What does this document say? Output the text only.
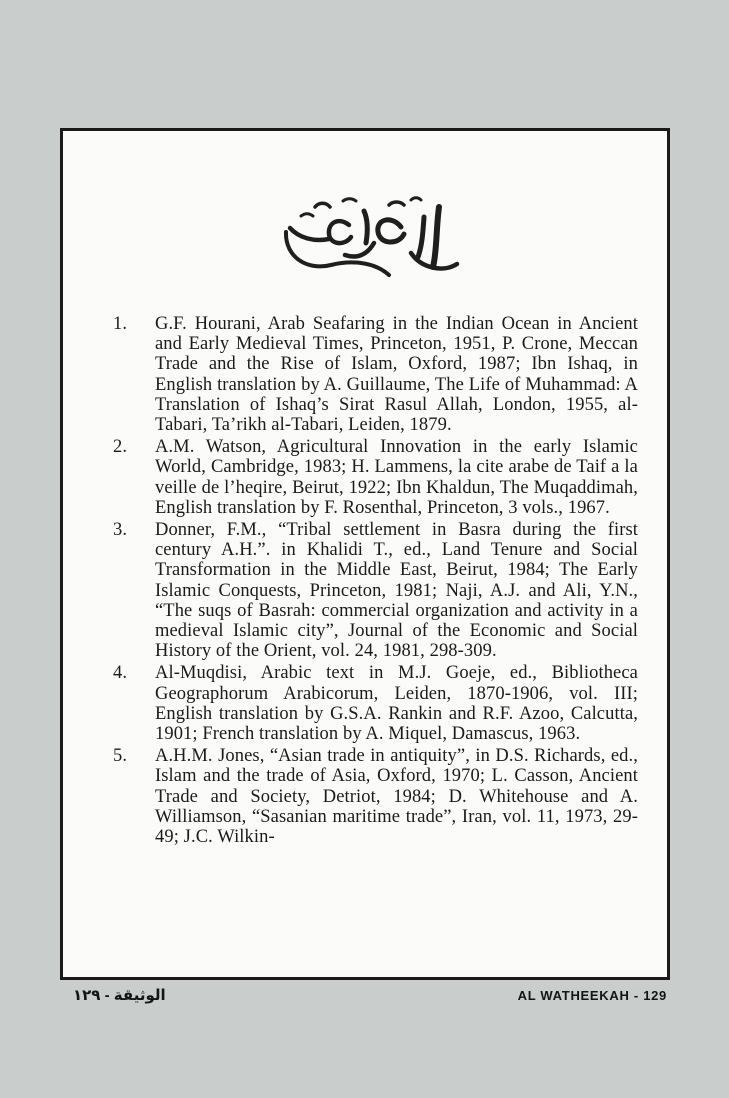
1.	G.F. Hourani, Arab Seafaring in the Indian Ocean in Ancient and Early Medieval Times, Princeton, 1951, P. Crone, Meccan Trade and the Rise of Islam, Oxford, 1987; Ibn Ishaq, in English translation by A. Guillaume, The Life of Muhammad: A Translation of Ishaq’s Sirat Rasul Allah, London, 1955, al-Tabari, Ta’rikh al-Tabari, Leiden, 1879.
2.	A.M. Watson, Agricultural Innovation in the early Islamic World, Cambridge, 1983; H. Lammens, la cite arabe de Taif a la veille de l’heqire, Beirut, 1922; Ibn Khaldun, The Muqaddimah, English translation by F. Rosenthal, Princeton, 3 vols., 1967.
3.	Donner, F.M., “Tribal settlement in Basra during the first century A.H.”. in Khalidi T., ed., Land Tenure and Social Transformation in the Middle East, Beirut, 1984; The Early Islamic Conquests, Princeton, 1981; Naji, A.J. and Ali, Y.N., “The suqs of Basrah: commercial organization and activity in a medieval Islamic city”, Journal of the Economic and Social History of the Orient, vol. 24, 1981, 298-309.
4.	Al-Muqdisi, Arabic text in M.J. Goeje, ed., Bibliotheca Geographorum Arabicorum, Leiden, 1870-1906, vol. III; English translation by G.S.A. Rankin and R.F. Azoo, Calcutta, 1901; French translation by A. Miquel, Damascus, 1963.
5.	A.H.M. Jones, “Asian trade in antiquity”, in D.S. Richards, ed., Islam and the trade of Asia, Oxford, 1970; L. Casson, Ancient Trade and Society, Detriot, 1984; D. Whitehouse and A. Williamson, “Sasanian maritime trade”, Iran, vol. 11, 1973, 29-49; J.C. Wilkin-
الوثيقة - ١٢٩	AL WATHEEKAH - 129
